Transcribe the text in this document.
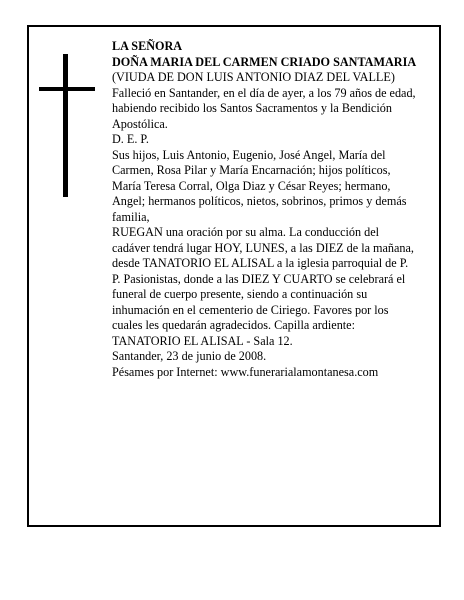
LA SEÑORA

DOÑA MARIA DEL CARMEN CRIADO SANTAMARIA

(VIUDA DE DON LUIS ANTONIO DIAZ DEL VALLE)

Falleció en Santander, en el día de ayer, a los 79 años de edad,

habiendo recibido los Santos Sacramentos y la Bendición Apostólica.

D. E. P.

Sus hijos, Luis Antonio, Eugenio, José Angel, María del Carmen, Rosa Pilar y María Encarnación; hijos políticos, María Teresa Corral, Olga Diaz y César Reyes; hermano, Angel; hermanos políticos, nietos, sobrinos, primos y demás familia,

RUEGAN una oración por su alma. La conducción del cadáver tendrá lugar HOY, LUNES, a las DIEZ de la mañana, desde TANATORIO EL ALISAL a la iglesia parroquial de P. P. Pasionistas, donde a las DIEZ Y CUARTO se celebrará el funeral de cuerpo presente, siendo a continuación su inhumación en el cementerio de Ciriego. Favores por los cuales les quedarán agradecidos. Capilla ardiente: TANATORIO EL ALISAL - Sala 12.

Santander, 23 de junio de 2008.

Pésames por Internet: www.funerarialamontanesa.com
